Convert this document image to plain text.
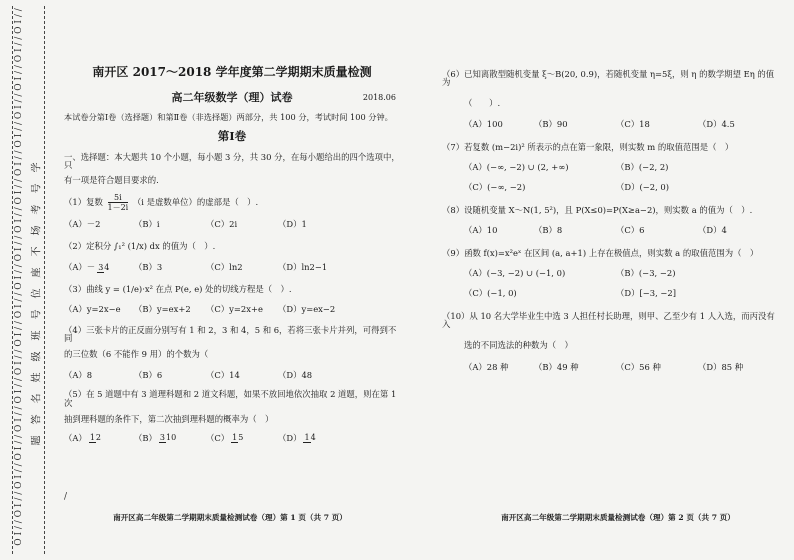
O I / / O I / / O I / / O I / / O I / / O I / / O I / / O I / / O I / / O I / / O I / / O I / / O I / / O I / / O I / / O I / / O I / / O I / / O I / / 学
号
考
场
不
座
位
号
班
级
姓
名
答
题
南开区 2017～2018 学年度第二学期期末质量检测
高二年级数学（理）试卷	2018.06
本试卷分第Ⅰ卷（选择题）和第Ⅱ卷（非选择题）两部分，共 100 分，考试时间 100 分钟。
第Ⅰ卷
一、选择题：本大题共 10 个小题，每小题 3 分，共 30 分，在每小题给出的四个选项中，只
有一项是符合题目要求的.
（1）复数 $\frac{5i}{1-2i} (i$ 是虚数单位）的虚部是（　）.
（A）－2	（B）i	（C）2i	（D）1
（2）定积分 ∫₁² (1/x) dx 的值为（　）.
（A）－ 34	（B）3	（C）ln2	（D）ln2−1
（3）曲线 y = (1/e)·x² 在点 P(e, e) 处的切线方程是（　）.
（A）y=2x−e	（B）y=ex+2	（C）y=2x+e	（D）y=ex−2
（4）三张卡片的正反面分别写有 1 和 2，3 和 4，5 和 6，若将三张卡片并列，可得到不同
的三位数（6 不能作 9 用）的个数为（
（A）8	（B）6	（C）14	（D）48
（5）在 5 道题中有 3 道理科题和 2 道文科题，如果不放回地依次抽取 2 道题，则在第 1 次
抽到理科题的条件下，第二次抽到理科题的概率为（　）
（A） 12	（B） 310	（C） 15	（D） 14
/
（6）已知离散型随机变量 ξ～B(20, 0.9)，若随机变量 η=5ξ，则 η 的数学期望 Eη 的值为
（　　）.
（A）100	（B）90	（C）18	（D）4.5
（7）若复数 (m−2i)² 所表示的点在第一象限，则实数 m 的取值范围是（　）
（A）(−∞, −2) ∪ (2, +∞)	（B）(−2, 2)
（C）(−∞, −2)	（D）(−2, 0)
（8）设随机变量 X～N(1, 5²)，且 P(X≤0)=P(X≥a−2)，则实数 a 的值为（　）.
（A）10	（B）8	（C）6	（D）4
（9）函数 f(x)=x²eˣ 在区间 (a, a+1) 上存在极值点，则实数 a 的取值范围为（　）
（A）(−3, −2) ∪ (−1, 0)	（B）(−3, −2)
（C）(−1, 0)	（D）[−3, −2]
（10）从 10 名大学毕业生中选 3 人担任村长助理，则甲、乙至少有 1 人入选，而丙没有入
选的不同选法的种数为（　）
（A）28 种	（B）49 种	（C）56 种	（D）85 种
南开区高二年级第二学期期末质量检测试卷（理）第 1 页（共 7 页）	南开区高二年级第二学期期末质量检测试卷（理）第 2 页（共 7 页）
